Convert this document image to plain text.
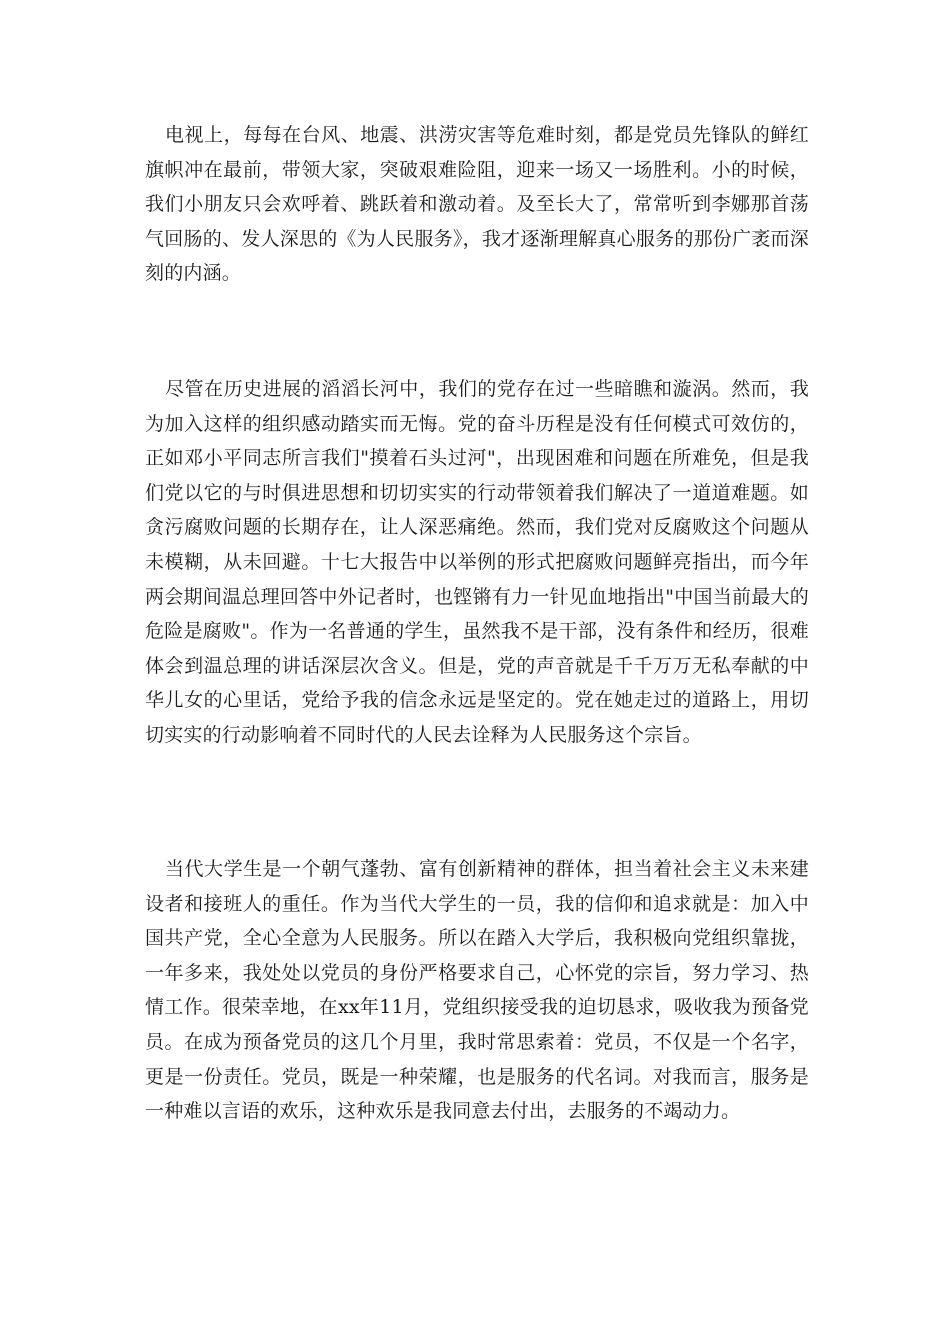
电视上，每每在台风、地震、洪涝灾害等危难时刻，都是党员先锋队的鲜红旗帜冲在最前，带领大家，突破艰难险阻，迎来一场又一场胜利。小的时候，我们小朋友只会欢呼着、跳跃着和激动着。及至长大了，常常听到李娜那首荡气回肠的、发人深思的《为人民服务》，我才逐渐理解真心服务的那份广袤而深刻的内涵。

尽管在历史进展的滔滔长河中，我们的党存在过一些暗瞧和漩涡。然而，我为加入这样的组织感动踏实而无悔。党的奋斗历程是没有任何模式可效仿的，正如邓小平同志所言我们"摸着石头过河"，出现困难和问题在所难免，但是我们党以它的与时俱进思想和切切实实的行动带领着我们解决了一道道难题。如贪污腐败问题的长期存在，让人深恶痛绝。然而，我们党对反腐败这个问题从未模糊，从未回避。十七大报告中以举例的形式把腐败问题鲜亮指出，而今年两会期间温总理回答中外记者时，也铿锵有力一针见血地指出"中国当前最大的危险是腐败"。作为一名普通的学生，虽然我不是干部，没有条件和经历，很难体会到温总理的讲话深层次含义。但是，党的声音就是千千万万无私奉献的中华儿女的心里话，党给予我的信念永远是坚定的。党在她走过的道路上，用切切实实的行动影响着不同时代的人民去诠释为人民服务这个宗旨。

当代大学生是一个朝气蓬勃、富有创新精神的群体，担当着社会主义未来建设者和接班人的重任。作为当代大学生的一员，我的信仰和追求就是：加入中国共产党，全心全意为人民服务。所以在踏入大学后，我积极向党组织靠拢，一年多来，我处处以党员的身份严格要求自己，心怀党的宗旨，努力学习、热情工作。很荣幸地，在xx年11月，党组织接受我的迫切恳求，吸收我为预备党员。在成为预备党员的这几个月里，我时常思索着：党员，不仅是一个名字，更是一份责任。党员，既是一种荣耀，也是服务的代名词。对我而言，服务是一种难以言语的欢乐，这种欢乐是我同意去付出，去服务的不竭动力。
